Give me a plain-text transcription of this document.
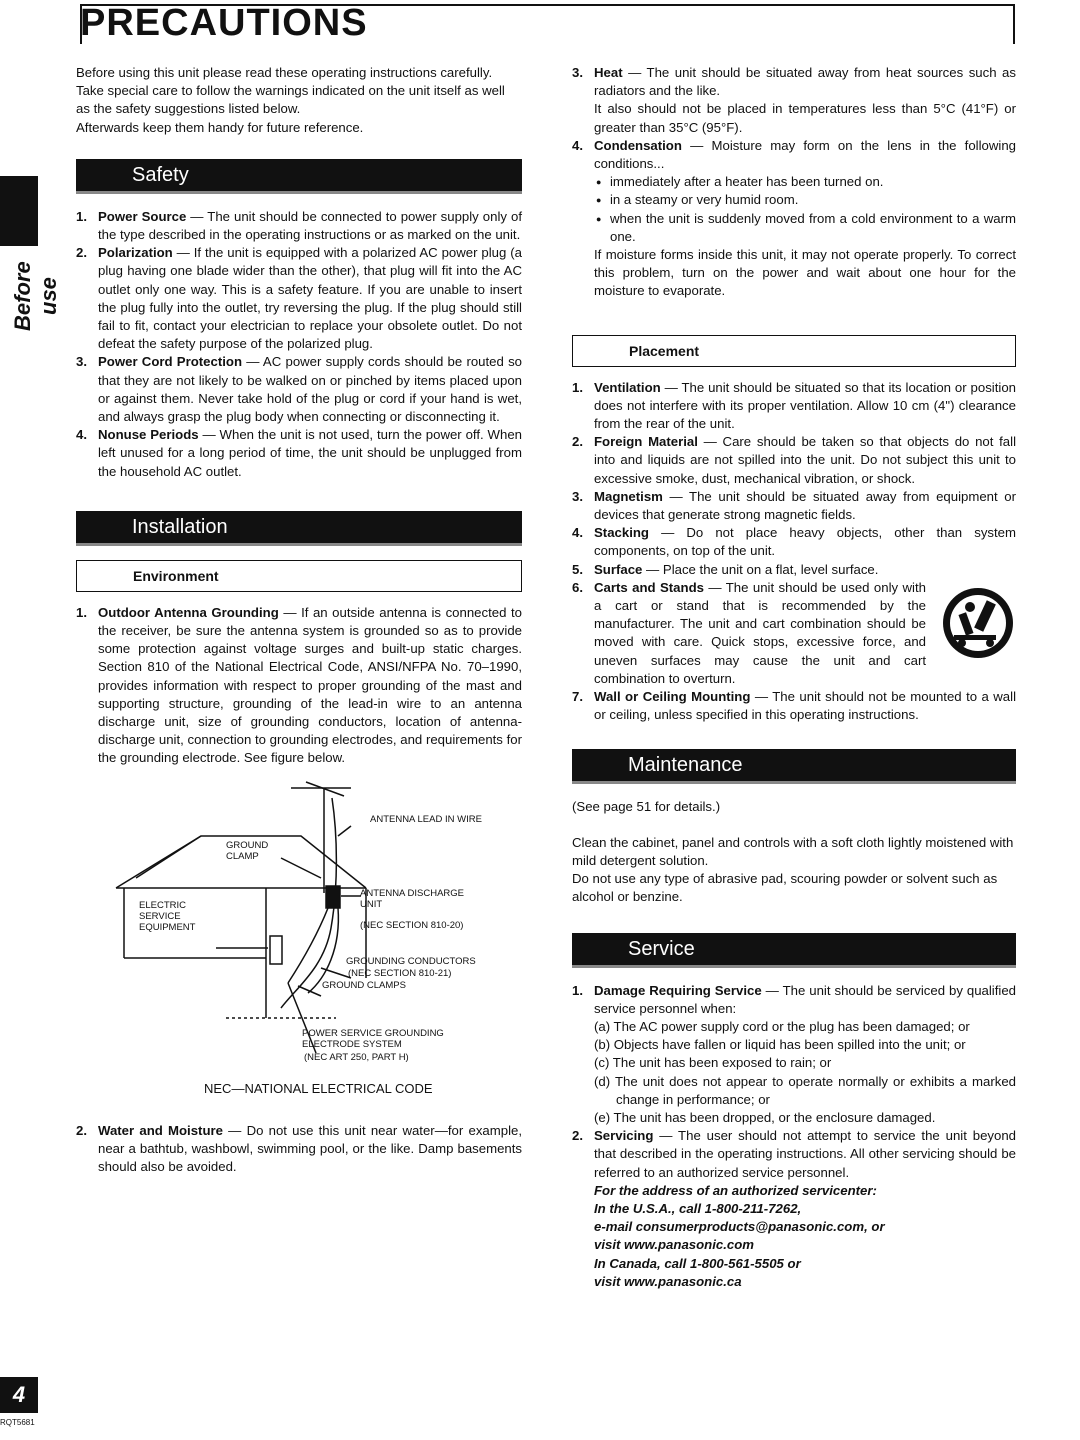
PRECAUTIONS
Before use
4
RQT5681

Before using this unit please read these operating instructions carefully. Take special care to follow the warnings indicated on the unit itself as well as the safety suggestions listed below.

Afterwards keep them handy for future reference.

Safety
1. Power Source — The unit should be connected to power supply only of the type described in the operating instructions or as marked on the unit.
2. Polarization — If the unit is equipped with a polarized AC power plug (a plug having one blade wider than the other), that plug will fit into the AC outlet only one way. This is a safety feature. If you are unable to insert the plug fully into the outlet, try reversing the plug. If the plug should still fail to fit, contact your electrician to replace your obsolete outlet. Do not defeat the safety purpose of the polarized plug.
3. Power Cord Protection — AC power supply cords should be routed so that they are not likely to be walked on or pinched by items placed upon or against them. Never take hold of the plug or cord if your hand is wet, and always grasp the plug body when connecting or disconnecting it.
4. Nonuse Periods — When the unit is not used, turn the power off. When left unused for a long period of time, the unit should be unplugged from the household AC outlet.
Installation
Environment
1. Outdoor Antenna Grounding — If an outside antenna is connected to the receiver, be sure the antenna system is grounded so as to provide some protection against voltage surges and built-up static charges. Section 810 of the National Electrical Code, ANSI/NFPA No. 70–1990, provides information with respect to proper grounding of the mast and supporting structure, grounding of the lead-in wire to an antenna discharge unit, size of grounding conductors, location of antenna-discharge unit, connection to grounding electrodes, and requirements for the grounding electrode. See figure below.
ANTENNA LEAD IN WIRE
GROUND CLAMP
ANTENNA DISCHARGE UNIT
(NEC SECTION 810-20)
ELECTRIC SERVICE EQUIPMENT
GROUNDING CONDUCTORS
(NEC SECTION 810-21)
GROUND CLAMPS
POWER SERVICE GROUNDING ELECTRODE SYSTEM
(NEC ART 250, PART H)
NEC—NATIONAL ELECTRICAL CODE
2. Water and Moisture — Do not use this unit near water—for example, near a bathtub, washbowl, swimming pool, or the like. Damp basements should also be avoided.
3. Heat — The unit should be situated away from heat sources such as radiators and the like.
It also should not be placed in temperatures less than 5°C (41°F) or greater than 35°C (95°F).
4. Condensation — Moisture may form on the lens in the following conditions...
● immediately after a heater has been turned on.
● in a steamy or very humid room.
● when the unit is suddenly moved from a cold environment to a warm one.
If moisture forms inside this unit, it may not operate properly. To correct this problem, turn on the power and wait about one hour for the moisture to evaporate.
Placement
1. Ventilation — The unit should be situated so that its location or position does not interfere with its proper ventilation. Allow 10 cm (4") clearance from the rear of the unit.
2. Foreign Material — Care should be taken so that objects do not fall into and liquids are not spilled into the unit. Do not subject this unit to excessive smoke, dust, mechanical vibration, or shock.
3. Magnetism — The unit should be situated away from equipment or devices that generate strong magnetic fields.
4. Stacking — Do not place heavy objects, other than system components, on top of the unit.
5. Surface — Place the unit on a flat, level surface.
6. Carts and Stands — The unit should be used only with a cart or stand that is recommended by the manufacturer. The unit and cart combination should be moved with care. Quick stops, excessive force, and uneven surfaces may cause the unit and cart combination to overturn.
7. Wall or Ceiling Mounting — The unit should not be mounted to a wall or ceiling, unless specified in this operating instructions.
Maintenance

(See page 51 for details.)

Clean the cabinet, panel and controls with a soft cloth lightly moistened with mild detergent solution.

Do not use any type of abrasive pad, scouring powder or solvent such as alcohol or benzine.

Service
1. Damage Requiring Service — The unit should be serviced by qualified service personnel when:
(a) The AC power supply cord or the plug has been damaged; or
(b) Objects have fallen or liquid has been spilled into the unit; or
(c) The unit has been exposed to rain; or
(d) The unit does not appear to operate normally or exhibits a marked change in performance; or
(e) The unit has been dropped, or the enclosure damaged.
2. Servicing — The user should not attempt to service the unit beyond that described in the operating instructions. All other servicing should be referred to an authorized service personnel.
For the address of an authorized servicenter:
In the U.S.A., call 1-800-211-7262,
e-mail consumerproducts@panasonic.com, or
visit www.panasonic.com
In Canada, call 1-800-561-5505 or
visit www.panasonic.ca
